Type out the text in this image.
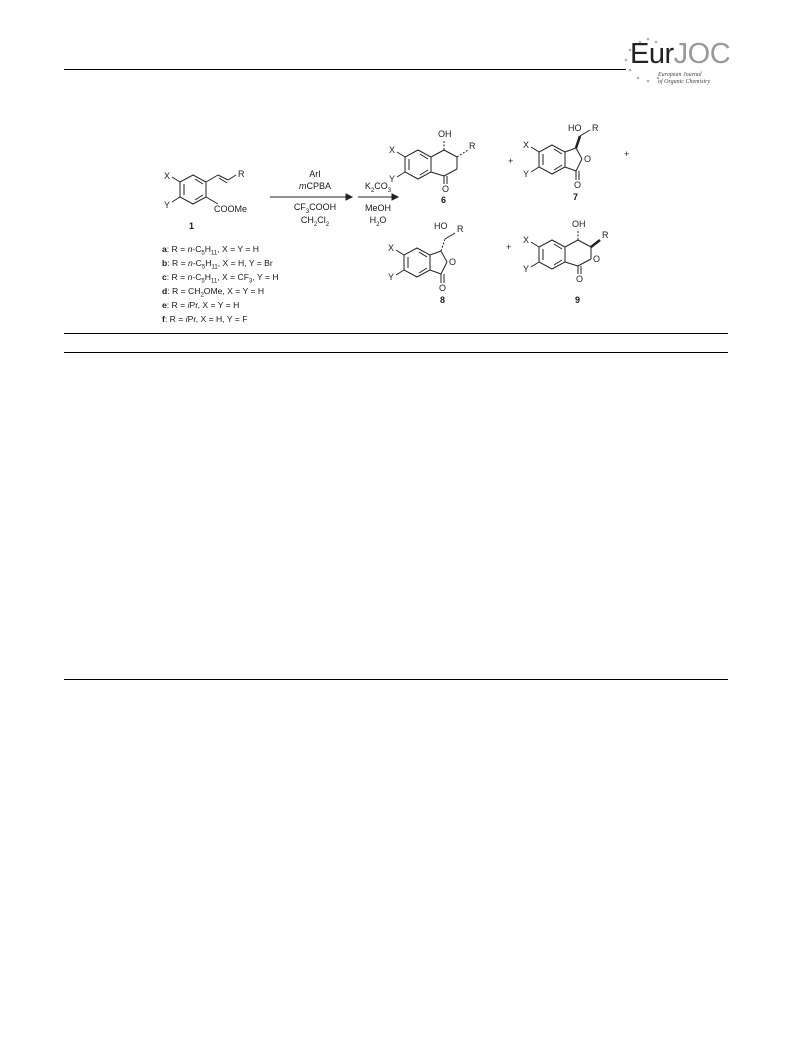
EurJOC
European Journal
of Organic Chemistry
X
Y
R
COOMe
1
ArI
mCPBA
$CF_3COOH$
$CH_2Cl_2$
$K_2CO_3$
MeOH
$H_2O$
a: $R = n-C_5H_{11}$, X = Y = H
b: $R = n-C_5H_{11}$, X = H, Y = Br
c: $R = n-C_5H_{11}$, $X = CF_3$, Y = H
d: $R = CH_2OMe$, X = Y = H
e: R = iPr, X = Y = H
f: R = iPr, X = H, Y = F
OH
R
X
Y
O
6
+
HO R
X
Y
O
O
7
+
HO R
X
Y
O
O
8
+
OH
R
X
Y
O
O
9
